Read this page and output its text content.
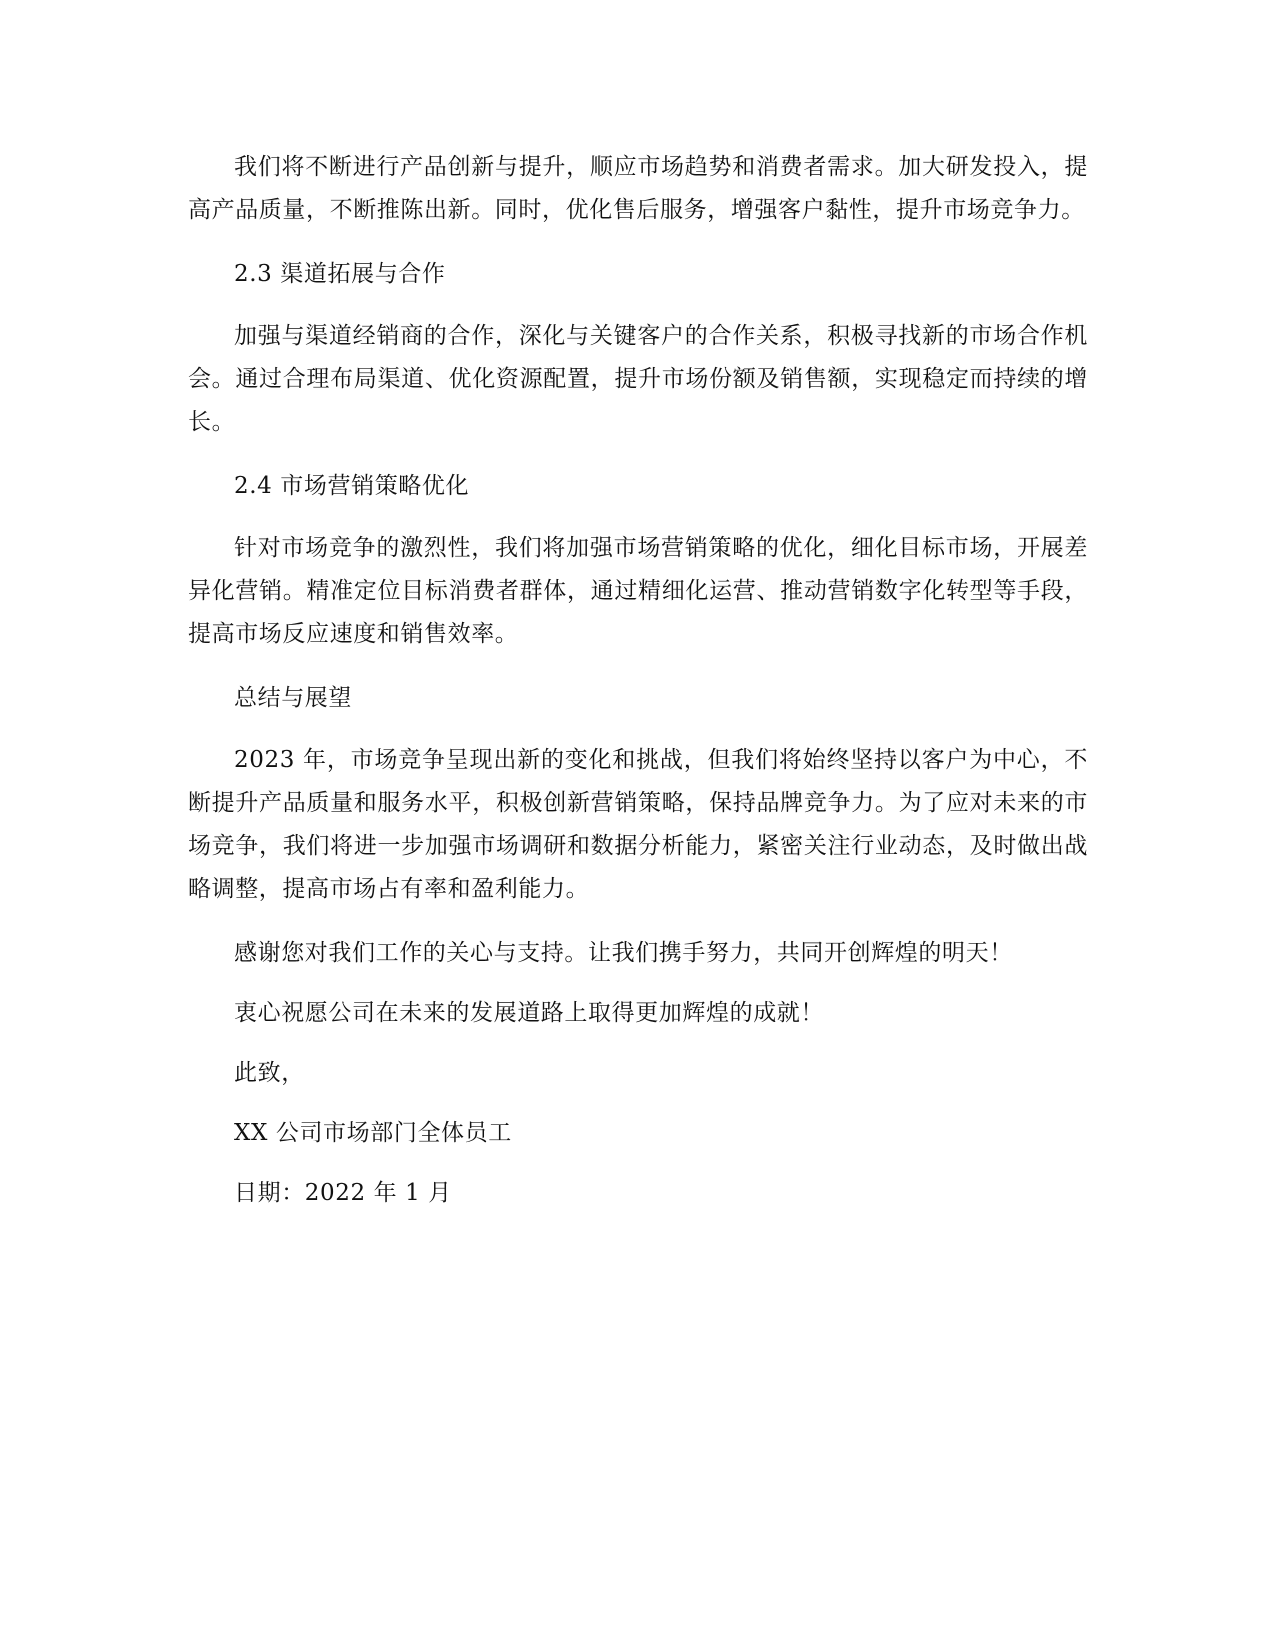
我们将不断进行产品创新与提升，顺应市场趋势和消费者需求。加大研发投入，提高产品质量，不断推陈出新。同时，优化售后服务，增强客户黏性，提升市场竞争力。

2.3 渠道拓展与合作

加强与渠道经销商的合作，深化与关键客户的合作关系，积极寻找新的市场合作机会。通过合理布局渠道、优化资源配置，提升市场份额及销售额，实现稳定而持续的增长。

2.4 市场营销策略优化

针对市场竞争的激烈性，我们将加强市场营销策略的优化，细化目标市场，开展差异化营销。精准定位目标消费者群体，通过精细化运营、推动营销数字化转型等手段，提高市场反应速度和销售效率。

总结与展望

2023 年，市场竞争呈现出新的变化和挑战，但我们将始终坚持以客户为中心，不断提升产品质量和服务水平，积极创新营销策略，保持品牌竞争力。为了应对未来的市场竞争，我们将进一步加强市场调研和数据分析能力，紧密关注行业动态，及时做出战略调整，提高市场占有率和盈利能力。

感谢您对我们工作的关心与支持。让我们携手努力，共同开创辉煌的明天！

衷心祝愿公司在未来的发展道路上取得更加辉煌的成就！

此致，

XX 公司市场部门全体员工

日期：2022 年 1 月
